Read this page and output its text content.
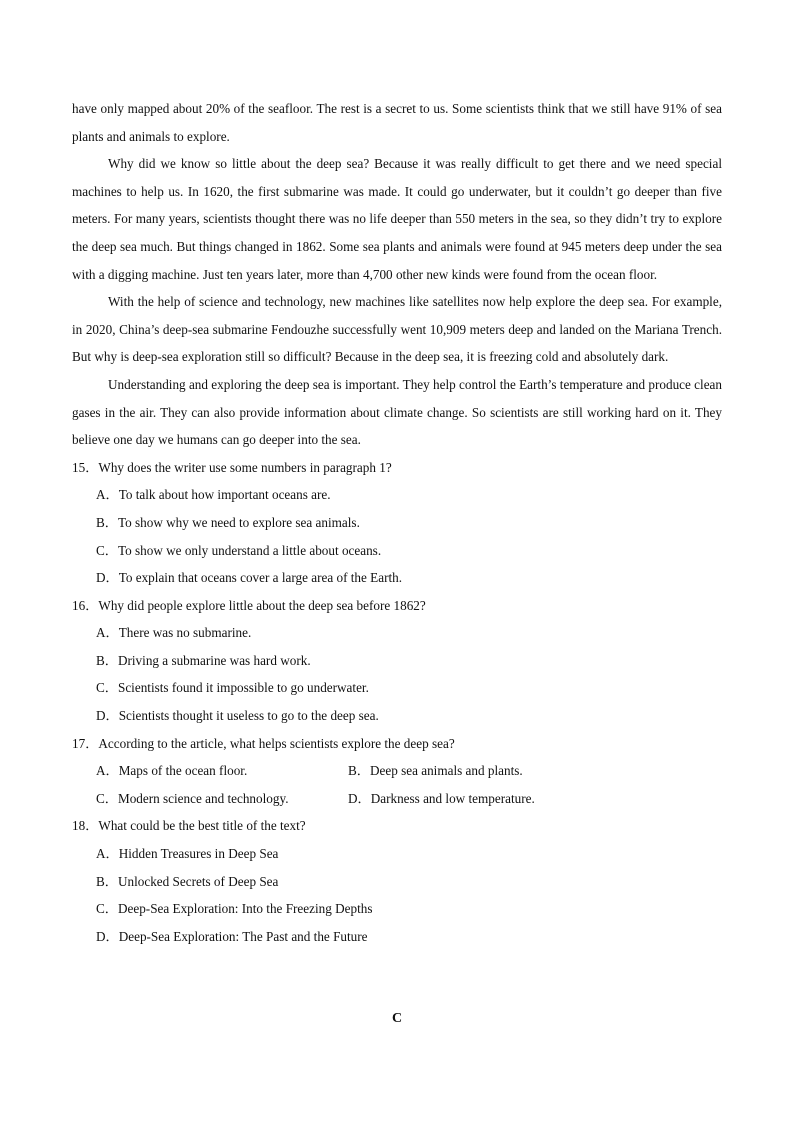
have only mapped about 20% of the seafloor. The rest is a secret to us. Some scientists think that we still have 91% of sea plants and animals to explore.

Why did we know so little about the deep sea? Because it was really difficult to get there and we need special machines to help us. In 1620, the first submarine was made. It could go underwater, but it couldn’t go deeper than five meters. For many years, scientists thought there was no life deeper than 550 meters in the sea, so they didn’t try to explore the deep sea much. But things changed in 1862. Some sea plants and animals were found at 945 meters deep under the sea with a digging machine. Just ten years later, more than 4,700 other new kinds were found from the ocean floor.

With the help of science and technology, new machines like satellites now help explore the deep sea. For example, in 2020, China’s deep-sea submarine Fendouzhe successfully went 10,909 meters deep and landed on the Mariana Trench. But why is deep-sea exploration still so difficult? Because in the deep sea, it is freezing cold and absolutely dark.

Understanding and exploring the deep sea is important. They help control the Earth’s temperature and produce clean gases in the air. They can also provide information about climate change. So scientists are still working hard on it. They believe one day we humans can go deeper into the sea.

15．Why does the writer use some numbers in paragraph 1?

A．To talk about how important oceans are.

B．To show why we need to explore sea animals.

C．To show we only understand a little about oceans.

D．To explain that oceans cover a large area of the Earth.

16．Why did people explore little about the deep sea before 1862?

A．There was no submarine.

B．Driving a submarine was hard work.

C．Scientists found it impossible to go underwater.

D．Scientists thought it useless to go to the deep sea.

17．According to the article, what helps scientists explore the deep sea?

A．Maps of the ocean floor.	B．Deep sea animals and plants.
C．Modern science and technology.	D．Darkness and low temperature.

18．What could be the best title of the text?

A．Hidden Treasures in Deep Sea

B．Unlocked Secrets of Deep Sea

C．Deep-Sea Exploration: Into the Freezing Depths

D．Deep-Sea Exploration: The Past and the Future

C
